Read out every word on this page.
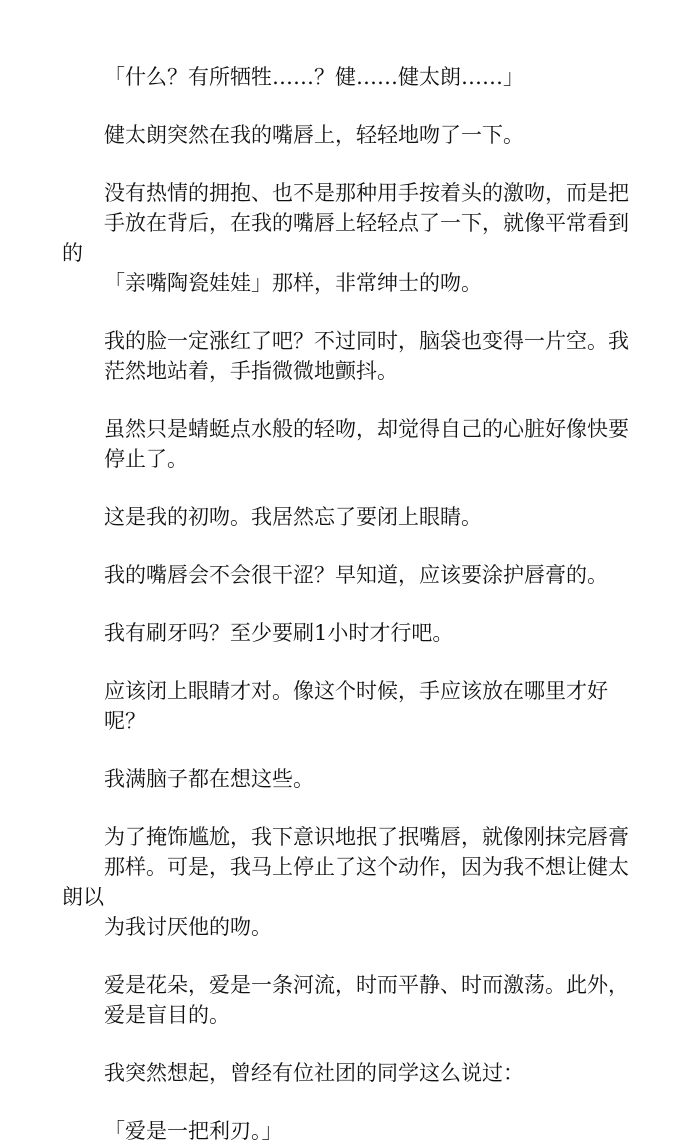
「什么？有所牺牲……？健……健太朗……」

健太朗突然在我的嘴唇上，轻轻地吻了一下。

没有热情的拥抱、也不是那种用手按着头的激吻，而是把
手放在背后，在我的嘴唇上轻轻点了一下，就像平常看到的
「亲嘴陶瓷娃娃」那样，非常绅士的吻。

我的脸一定涨红了吧？不过同时，脑袋也变得一片空。我
茫然地站着，手指微微地颤抖。

虽然只是蜻蜓点水般的轻吻，却觉得自己的心脏好像快要
停止了。

这是我的初吻。我居然忘了要闭上眼睛。

我的嘴唇会不会很干涩？早知道，应该要涂护唇膏的。

我有刷牙吗？至少要刷1小时才行吧。

应该闭上眼睛才对。像这个时候，手应该放在哪里才好
呢？

我满脑子都在想这些。

为了掩饰尴尬，我下意识地抿了抿嘴唇，就像刚抹完唇膏
那样。可是，我马上停止了这个动作，因为我不想让健太朗以
为我讨厌他的吻。

爱是花朵，爱是一条河流，时而平静、时而激荡。此外，
爱是盲目的。

我突然想起，曾经有位社团的同学这么说过：

「爱是一把利刃。」
